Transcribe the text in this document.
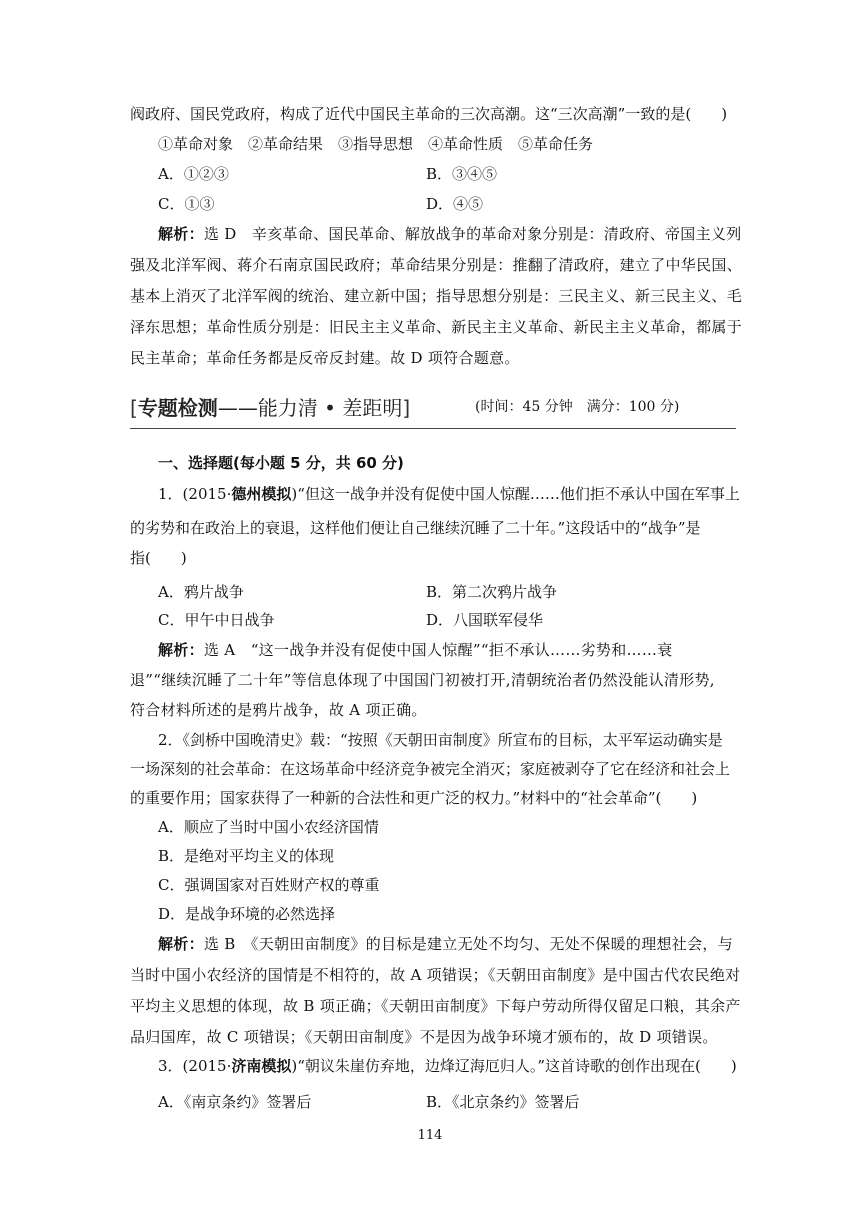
阀政府、国民党政府，构成了近代中国民主革命的三次高潮。这“三次高潮”一致的是(　　)
①革命对象　②革命结果　③指导思想　④革命性质　⑤革命任务
A．①②③	B．③④⑤
C．①③	D．④⑤
解析：选 D　辛亥革命、国民革命、解放战争的革命对象分别是：清政府、帝国主义列
强及北洋军阀、蒋介石南京国民政府；革命结果分别是：推翻了清政府，建立了中华民国、
基本上消灭了北洋军阀的统治、建立新中国；指导思想分别是：三民主义、新三民主义、毛
泽东思想；革命性质分别是：旧民主主义革命、新民主主义革命、新民主主义革命，都属于
民主革命；革命任务都是反帝反封建。故 D 项符合题意。
[专题检测——能力清 • 差距明]	(时间：45 分钟　满分：100 分)
一、选择题(每小题 5 分，共 60 分)
1．(2015·德州模拟)“但这一战争并没有促使中国人惊醒……他们拒不承认中国在军事上
的劣势和在政治上的衰退，这样他们便让自己继续沉睡了二十年。”这段话中的“战争”是
指(　　)
A．鸦片战争	B．第二次鸦片战争
C．甲午中日战争	D．八国联军侵华
解析：选 A　“这一战争并没有促使中国人惊醒”“拒不承认……劣势和……衰
退”“继续沉睡了二十年”等信息体现了中国国门初被打开,清朝统治者仍然没能认清形势,
符合材料所述的是鸦片战争，故 A 项正确。
2．《剑桥中国晚清史》载：“按照《天朝田亩制度》所宣布的目标，太平军运动确实是
一场深刻的社会革命：在这场革命中经济竞争被完全消灭；家庭被剥夺了它在经济和社会上
的重要作用；国家获得了一种新的合法性和更广泛的权力。”材料中的“社会革命”(　　)
A．顺应了当时中国小农经济国情
B．是绝对平均主义的体现
C．强调国家对百姓财产权的尊重
D．是战争环境的必然选择
解析：选 B　《天朝田亩制度》的目标是建立无处不均匀、无处不保暖的理想社会，与
当时中国小农经济的国情是不相符的，故 A 项错误；《天朝田亩制度》是中国古代农民绝对
平均主义思想的体现，故 B 项正确；《天朝田亩制度》下每户劳动所得仅留足口粮，其余产
品归国库，故 C 项错误；《天朝田亩制度》不是因为战争环境才颁布的，故 D 项错误。
3．(2015·济南模拟)“朝议朱崖仿弃地，边烽辽海厄归人。”这首诗歌的创作出现在(　　)
A．《南京条约》签署后	B．《北京条约》签署后
114
